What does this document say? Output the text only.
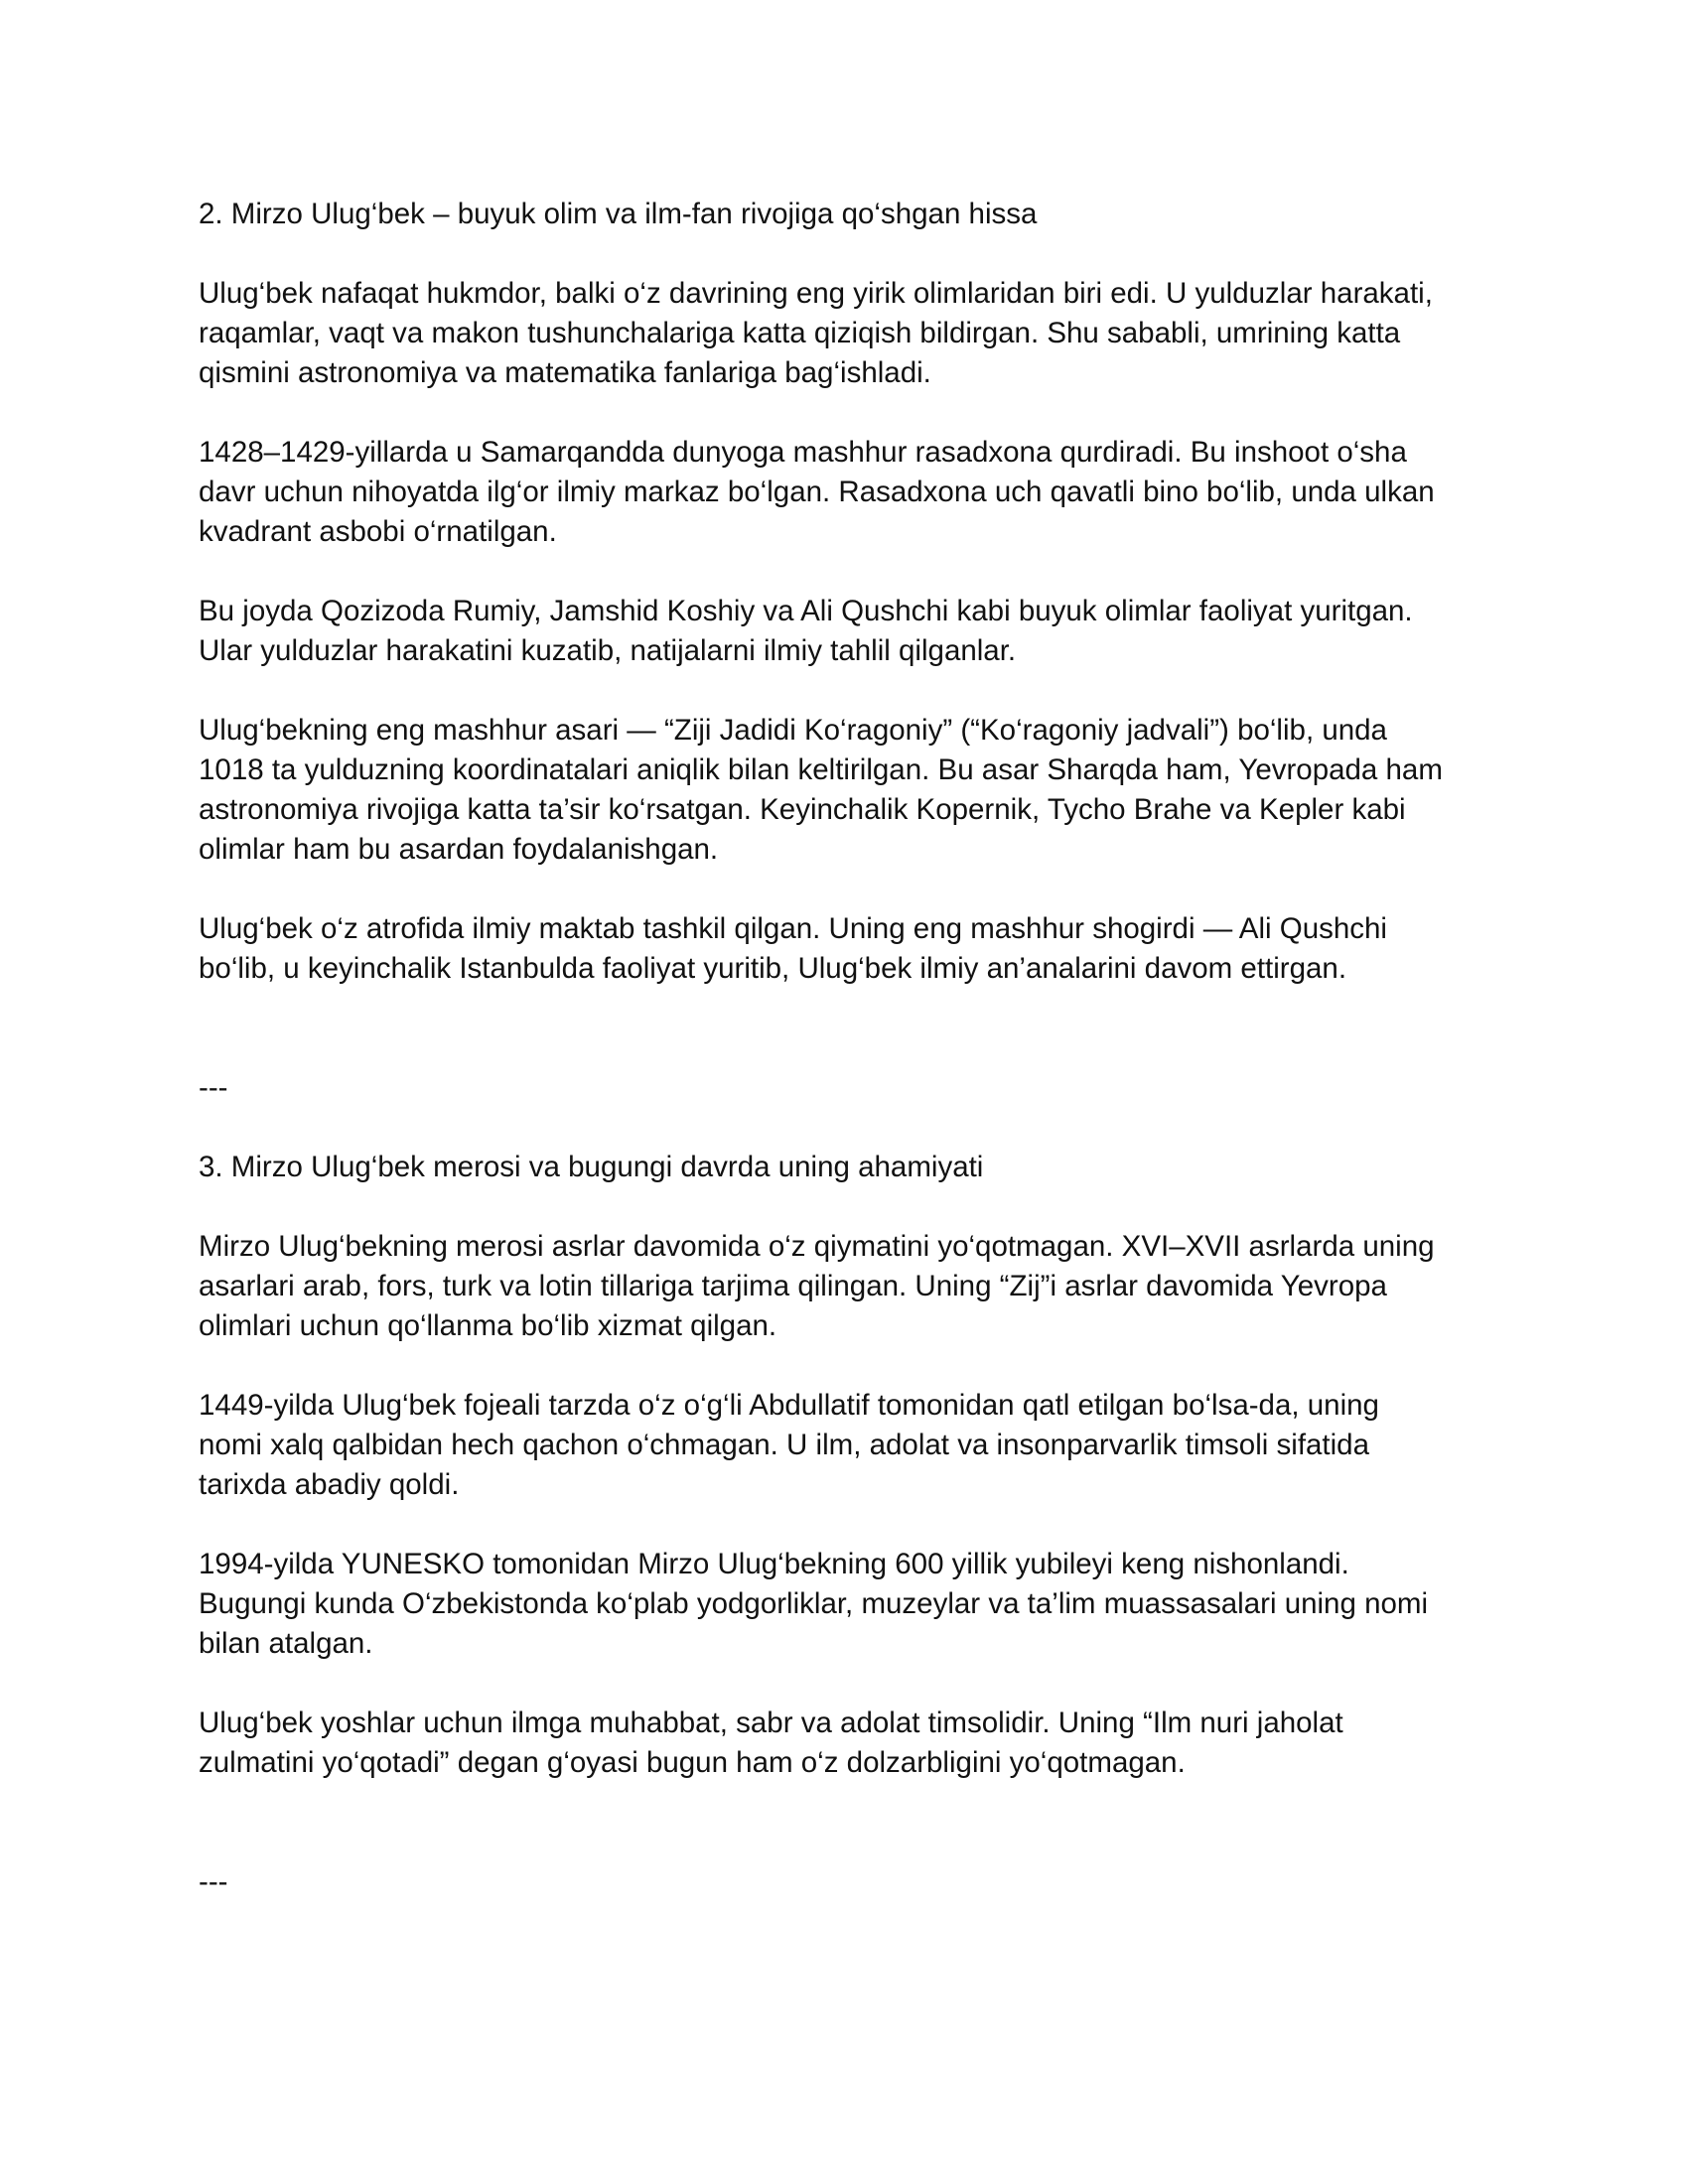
2. Mirzo Ulug‘bek – buyuk olim va ilm-fan rivojiga qo‘shgan hissa
Ulug‘bek nafaqat hukmdor, balki o‘z davrining eng yirik olimlaridan biri edi. U yulduzlar harakati,
raqamlar, vaqt va makon tushunchalariga katta qiziqish bildirgan. Shu sababli, umrining katta
qismini astronomiya va matematika fanlariga bag‘ishladi.
1428–1429-yillarda u Samarqandda dunyoga mashhur rasadxona qurdiradi. Bu inshoot o‘sha
davr uchun nihoyatda ilg‘or ilmiy markaz bo‘lgan. Rasadxona uch qavatli bino bo‘lib, unda ulkan
kvadrant asbobi o‘rnatilgan.
Bu joyda Qozizoda Rumiy, Jamshid Koshiy va Ali Qushchi kabi buyuk olimlar faoliyat yuritgan.
Ular yulduzlar harakatini kuzatib, natijalarni ilmiy tahlil qilganlar.
Ulug‘bekning eng mashhur asari — “Ziji Jadidi Ko‘ragoniy” (“Ko‘ragoniy jadvali”) bo‘lib, unda
1018 ta yulduzning koordinatalari aniqlik bilan keltirilgan. Bu asar Sharqda ham, Yevropada ham
astronomiya rivojiga katta ta’sir ko‘rsatgan. Keyinchalik Kopernik, Tycho Brahe va Kepler kabi
olimlar ham bu asardan foydalanishgan.
Ulug‘bek o‘z atrofida ilmiy maktab tashkil qilgan. Uning eng mashhur shogirdi — Ali Qushchi
bo‘lib, u keyinchalik Istanbulda faoliyat yuritib, Ulug‘bek ilmiy an’analarini davom ettirgan.
---
3. Mirzo Ulug‘bek merosi va bugungi davrda uning ahamiyati
Mirzo Ulug‘bekning merosi asrlar davomida o‘z qiymatini yo‘qotmagan. XVI–XVII asrlarda uning
asarlari arab, fors, turk va lotin tillariga tarjima qilingan. Uning “Zij”i asrlar davomida Yevropa
olimlari uchun qo‘llanma bo‘lib xizmat qilgan.
1449-yilda Ulug‘bek fojeali tarzda o‘z o‘g‘li Abdullatif tomonidan qatl etilgan bo‘lsa-da, uning
nomi xalq qalbidan hech qachon o‘chmagan. U ilm, adolat va insonparvarlik timsoli sifatida
tarixda abadiy qoldi.
1994-yilda YUNESKO tomonidan Mirzo Ulug‘bekning 600 yillik yubileyi keng nishonlandi.
Bugungi kunda O‘zbekistonda ko‘plab yodgorliklar, muzeylar va ta’lim muassasalari uning nomi
bilan atalgan.
Ulug‘bek yoshlar uchun ilmga muhabbat, sabr va adolat timsolidir. Uning “Ilm nuri jaholat
zulmatini yo‘qotadi” degan g‘oyasi bugun ham o‘z dolzarbligini yo‘qotmagan.
---
